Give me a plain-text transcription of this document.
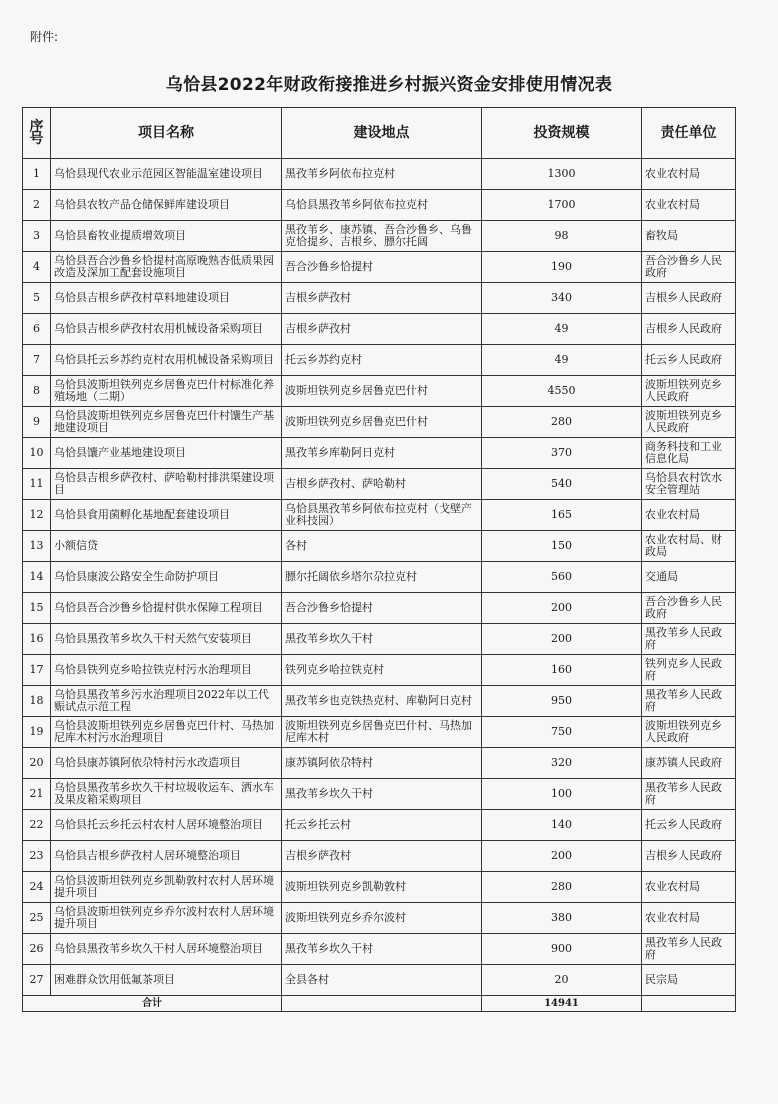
附件:
乌恰县2022年财政衔接推进乡村振兴资金安排使用情况表
序号	项目名称	建设地点	投资规模	责任单位
1	乌恰县现代农业示范园区智能温室建设项目	黑孜苇乡阿依布拉克村	1300	农业农村局
2	乌恰县农牧产品仓储保鲜库建设项目	乌恰县黑孜苇乡阿依布拉克村	1700	农业农村局
3	乌恰县畜牧业提质增效项目	黑孜苇乡、康苏镇、吾合沙鲁乡、乌鲁克恰提乡、吉根乡、膘尔托阔	98	畜牧局
4	乌恰县吾合沙鲁乡恰提村高原晚熟杏低质果园改造及深加工配套设施项目	吾合沙鲁乡恰提村	190	吾合沙鲁乡人民政府
5	乌恰县吉根乡萨孜村草料地建设项目	吉根乡萨孜村	340	吉根乡人民政府
6	乌恰县吉根乡萨孜村农用机械设备采购项目	吉根乡萨孜村	49	吉根乡人民政府
7	乌恰县托云乡苏约克村农用机械设备采购项目	托云乡苏约克村	49	托云乡人民政府
8	乌恰县波斯坦铁列克乡居鲁克巴什村标准化养殖场地（二期）	波斯坦铁列克乡居鲁克巴什村	4550	波斯坦铁列克乡人民政府
9	乌恰县波斯坦铁列克乡居鲁克巴什村馕生产基地建设项目	波斯坦铁列克乡居鲁克巴什村	280	波斯坦铁列克乡人民政府
10	乌恰县馕产业基地建设项目	黑孜苇乡库勒阿日克村	370	商务科技和工业信息化局
11	乌恰县吉根乡萨孜村、萨哈勒村排洪渠建设项目	吉根乡萨孜村、萨哈勒村	540	乌恰县农村饮水安全管理站
12	乌恰县食用菌孵化基地配套建设项目	乌恰县黑孜苇乡阿依布拉克村（戈壁产业科技园）	165	农业农村局
13	小额信贷	各村	150	农业农村局、财政局
14	乌恰县康波公路安全生命防护项目	膘尔托阔依乡塔尔尕拉克村	560	交通局
15	乌恰县吾合沙鲁乡恰提村供水保障工程项目	吾合沙鲁乡恰提村	200	吾合沙鲁乡人民政府
16	乌恰县黑孜苇乡坎久干村天然气安装项目	黑孜苇乡坎久干村	200	黑孜苇乡人民政府
17	乌恰县铁列克乡哈拉铁克村污水治理项目	铁列克乡哈拉铁克村	160	铁列克乡人民政府
18	乌恰县黑孜苇乡污水治理项目2022年以工代赈试点示范工程	黑孜苇乡也克铁热克村、库勒阿日克村	950	黑孜苇乡人民政府
19	乌恰县波斯坦铁列克乡居鲁克巴什村、马热加尼库木村污水治理项目	波斯坦铁列克乡居鲁克巴什村、马热加尼库木村	750	波斯坦铁列克乡人民政府
20	乌恰县康苏镇阿依尕特村污水改造项目	康苏镇阿依尕特村	320	康苏镇人民政府
21	乌恰县黑孜苇乡坎久干村垃圾收运车、洒水车及果皮箱采购项目	黑孜苇乡坎久干村	100	黑孜苇乡人民政府
22	乌恰县托云乡托云村农村人居环境整治项目	托云乡托云村	140	托云乡人民政府
23	乌恰县吉根乡萨孜村人居环境整治项目	吉根乡萨孜村	200	吉根乡人民政府
24	乌恰县波斯坦铁列克乡凯勒敦村农村人居环境提升项目	波斯坦铁列克乡凯勒敦村	280	农业农村局
25	乌恰县波斯坦铁列克乡乔尔波村农村人居环境提升项目	波斯坦铁列克乡乔尔波村	380	农业农村局
26	乌恰县黑孜苇乡坎久干村人居环境整治项目	黑孜苇乡坎久干村	900	黑孜苇乡人民政府
27	困难群众饮用低氟茶项目	全县各村	20	民宗局
合计			14941	
